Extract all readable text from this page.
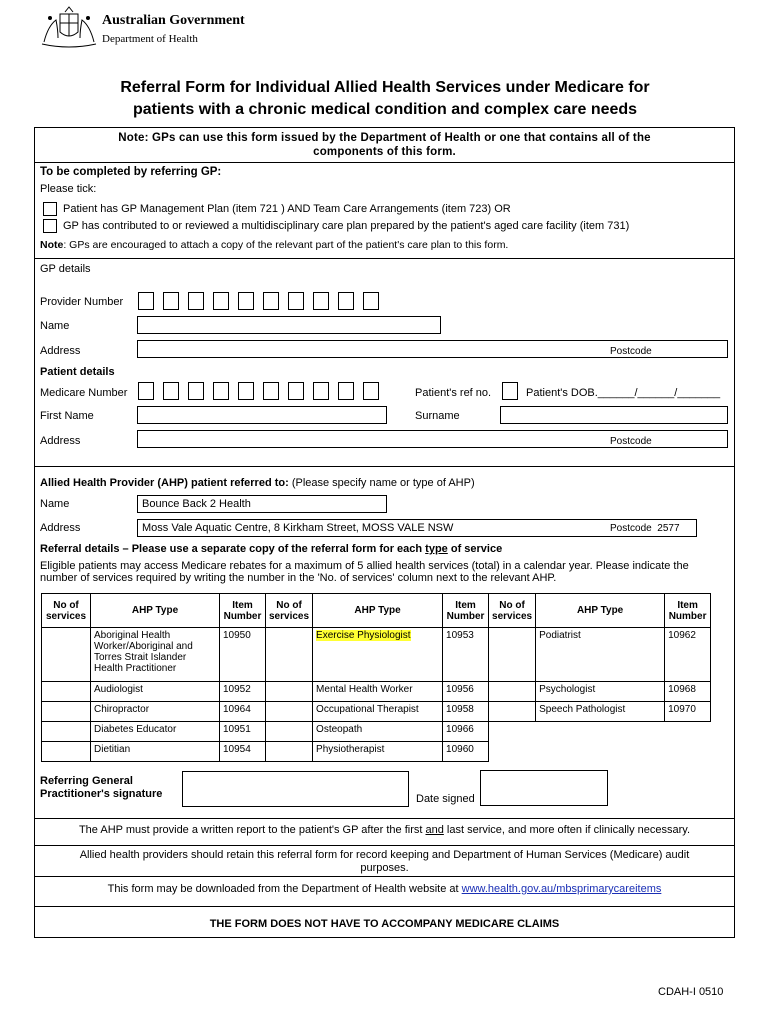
Australian Government
Department of Health
Referral Form for Individual Allied Health Services under Medicare for
patients with a chronic medical condition and complex care needs
Note: GPs can use this form issued by the Department of Health or one that contains all of the
components of this form.
To be completed by referring GP:
Please tick:
Patient has GP Management Plan (item 721 ) AND Team Care Arrangements (item 723) OR
GP has contributed to or reviewed a multidisciplinary care plan prepared by the patient's aged care facility (item 731)
Note: GPs are encouraged to attach a copy of the relevant part of the patient's care plan to this form.
GP details
Provider Number
Name
Address	Postcode
Patient details
Medicare Number	Patient's ref no.	Patient's DOB.______/______/_______
First Name	Surname
Address	Postcode
Allied Health Provider (AHP) patient referred to: (Please specify name or type of AHP)
Name	Bounce Back 2 Health
Address	Moss Vale Aquatic Centre, 8 Kirkham Street, MOSS VALE NSW	Postcode 2577
Referral details – Please use a separate copy of the referral form for each type of service
Eligible patients may access Medicare rebates for a maximum of 5 allied health services (total) in a calendar year. Please indicate the
number of services required by writing the number in the 'No. of services' column next to the relevant AHP.
No of services	AHP Type	Item Number	No of services	AHP Type	Item Number	No of services	AHP Type	Item Number
	Aboriginal Health Worker/Aboriginal and Torres Strait Islander Health Practitioner	10950		Exercise Physiologist	10953		Podiatrist	10962
	Audiologist	10952		Mental Health Worker	10956		Psychologist	10968
	Chiropractor	10964		Occupational Therapist	10958		Speech Pathologist	10970
	Diabetes Educator	10951		Osteopath	10966			
	Dietitian	10954		Physiotherapist	10960			
Referring General
Practitioner's signature	Date signed
The AHP must provide a written report to the patient's GP after the first and last service, and more often if clinically necessary.
Allied health providers should retain this referral form for record keeping and Department of Human Services (Medicare) audit
purposes.
This form may be downloaded from the Department of Health website at www.health.gov.au/mbsprimarycareitems
THE FORM DOES NOT HAVE TO ACCOMPANY MEDICARE CLAIMS
CDAH-I 0510
